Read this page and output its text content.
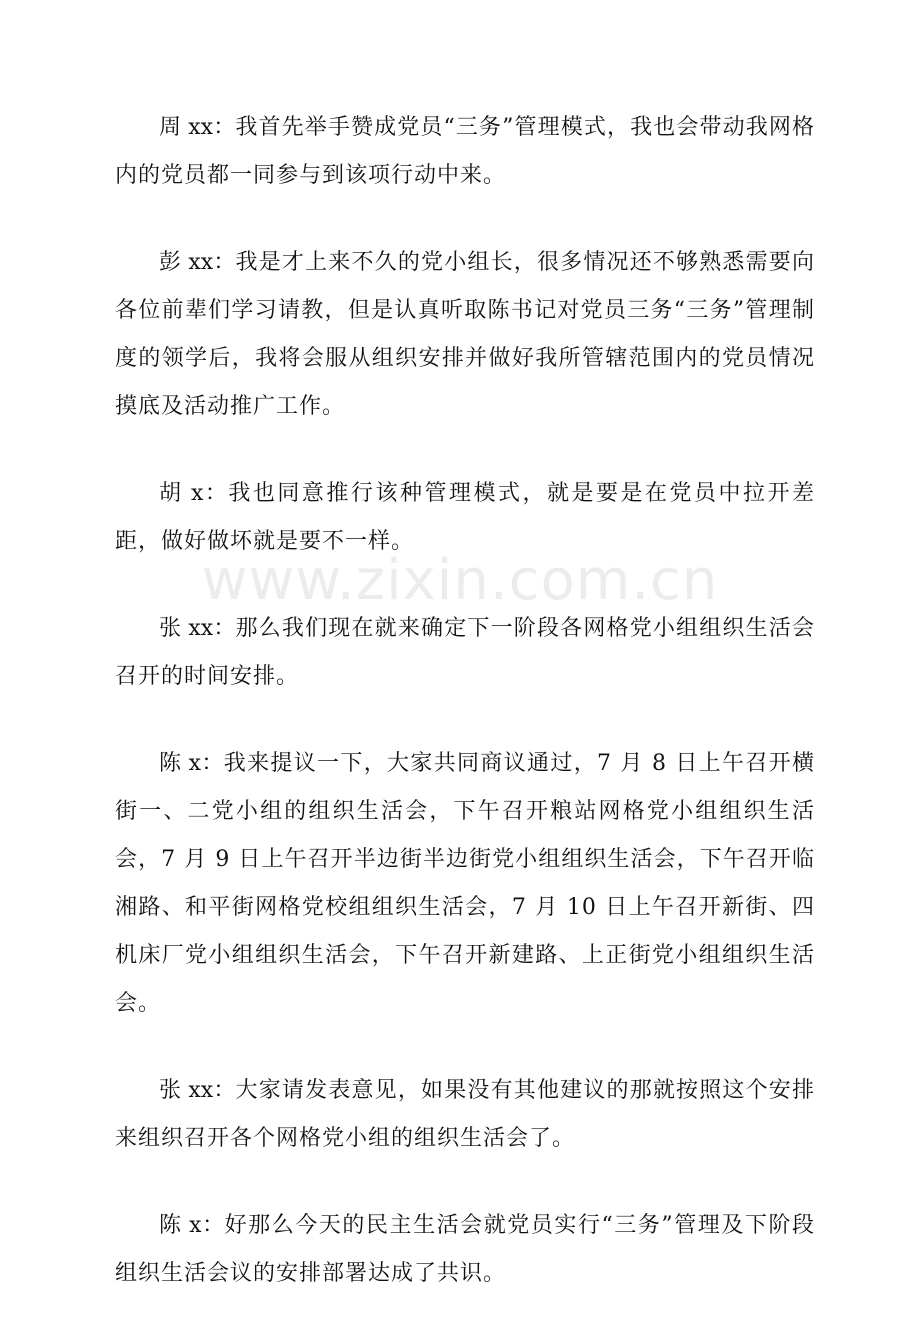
周 xx：我首先举手赞成党员“三务”管理模式，我也会带动我网格内的党员都一同参与到该项行动中来。

彭 xx：我是才上来不久的党小组长，很多情况还不够熟悉需要向各位前辈们学习请教，但是认真听取陈书记对党员三务“三务”管理制度的领学后，我将会服从组织安排并做好我所管辖范围内的党员情况摸底及活动推广工作。

胡 x：我也同意推行该种管理模式，就是要是在党员中拉开差距，做好做坏就是要不一样。

张 xx：那么我们现在就来确定下一阶段各网格党小组组织生活会召开的时间安排。

陈 x：我来提议一下，大家共同商议通过，7 月 8 日上午召开横街一、二党小组的组织生活会，下午召开粮站网格党小组组织生活会，7 月 9 日上午召开半边街半边街党小组组织生活会，下午召开临湘路、和平街网格党校组组织生活会，7 月 10 日上午召开新街、四机床厂党小组组织生活会，下午召开新建路、上正街党小组组织生活会。

张 xx：大家请发表意见，如果没有其他建议的那就按照这个安排来组织召开各个网格党小组的组织生活会了。

陈 x：好那么今天的民主生活会就党员实行“三务”管理及下阶段组织生活会议的安排部署达成了共识。

www.zixin.com.cn
